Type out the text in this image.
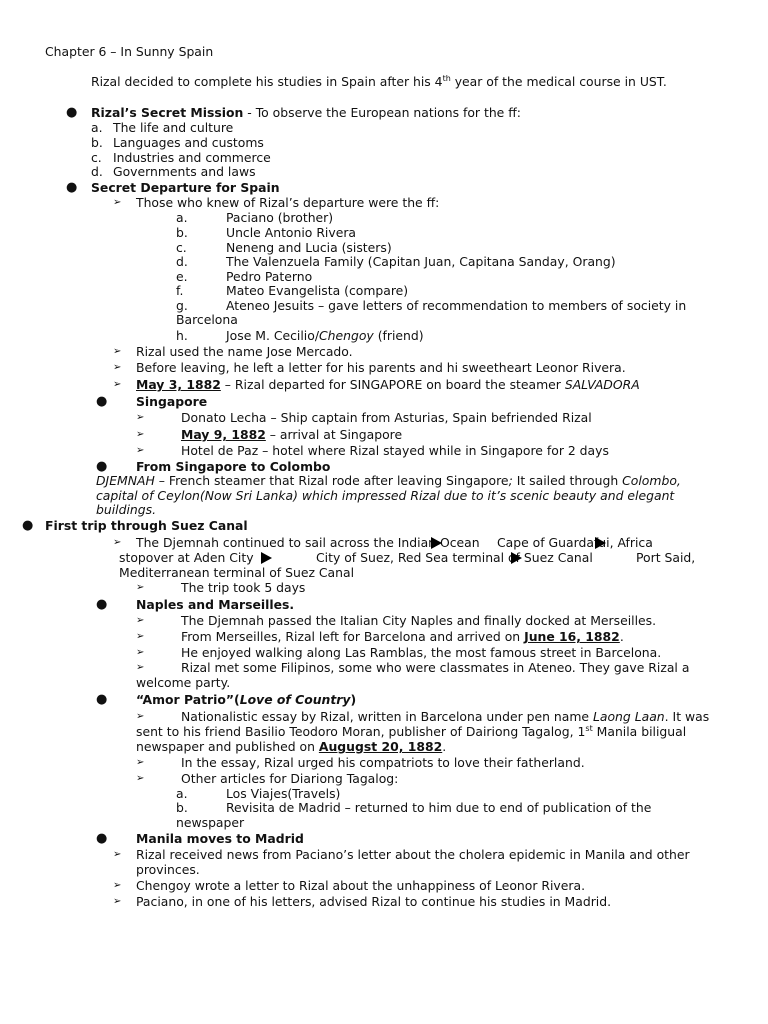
Chapter 6 – In Sunny Spain
Rizal decided to complete his studies in Spain after his 4th year of the medical course in UST.
● Rizal’s Secret Mission - To observe the European nations for the ff:
a. The life and culture
b. Languages and customs
c. Industries and commerce
d. Governments and laws
● Secret Departure for Spain
➢ Those who knew of Rizal’s departure were the ff:
a.	Paciano (brother)
b.	Uncle Antonio Rivera
c.	Neneng and Lucia (sisters)
d.	The Valenzuela Family (Capitan Juan, Capitana Sanday, Orang)
e.	Pedro Paterno
f.	Mateo Evangelista (compare)
g.	Ateneo Jesuits – gave letters of recommendation to members of society in
Barcelona
h.	Jose M. Cecilio/Chengoy (friend)
➢ Rizal used the name Jose Mercado.
➢ Before leaving, he left a letter for his parents and hi sweetheart Leonor Rivera.
➢ May 3, 1882 – Rizal departed for SINGAPORE on board the steamer SALVADORA
● Singapore
➢	Donato Lecha – Ship captain from Asturias, Spain befriended Rizal
➢	May 9, 1882 – arrival at Singapore
➢	Hotel de Paz – hotel where Rizal stayed while in Singapore for 2 days
● From Singapore to Colombo
DJEMNAH – French steamer that Rizal rode after leaving Singapore; It sailed through Colombo,
capital of Ceylon(Now Sri Lanka) which impressed Rizal due to it’s scenic beauty and elegant
buildings.
● First trip through Suez Canal
➢ The Djemnah continued to sail across the Indian Ocean Cape of Guardafui, Africa
stopover at Aden City	City of Suez, Red Sea terminal of Suez Canal	Port Said,
Mediterranean terminal of Suez Canal
➢	The trip took 5 days
● Naples and Marseilles.
➢	The Djemnah passed the Italian City Naples and finally docked at Merseilles.
➢	From Merseilles, Rizal left for Barcelona and arrived on June 16, 1882.
➢	He enjoyed walking along Las Ramblas, the most famous street in Barcelona.
➢	Rizal met some Filipinos, some who were classmates in Ateneo. They gave Rizal a
welcome party.
● “Amor Patrio”(Love of Country)
➢	Nationalistic essay by Rizal, written in Barcelona under pen name Laong Laan. It was
sent to his friend Basilio Teodoro Moran, publisher of Dairiong Tagalog, 1st Manila biligual
newspaper and published on Augugst 20, 1882.
➢	In the essay, Rizal urged his compatriots to love their fatherland.
➢	Other articles for Diariong Tagalog:
a.	Los Viajes(Travels)
b.	Revisita de Madrid – returned to him due to end of publication of the
newspaper
● Manila moves to Madrid
➢ Rizal received news from Paciano’s letter about the cholera epidemic in Manila and other
provinces.
➢ Chengoy wrote a letter to Rizal about the unhappiness of Leonor Rivera.
➢ Paciano, in one of his letters, advised Rizal to continue his studies in Madrid.
